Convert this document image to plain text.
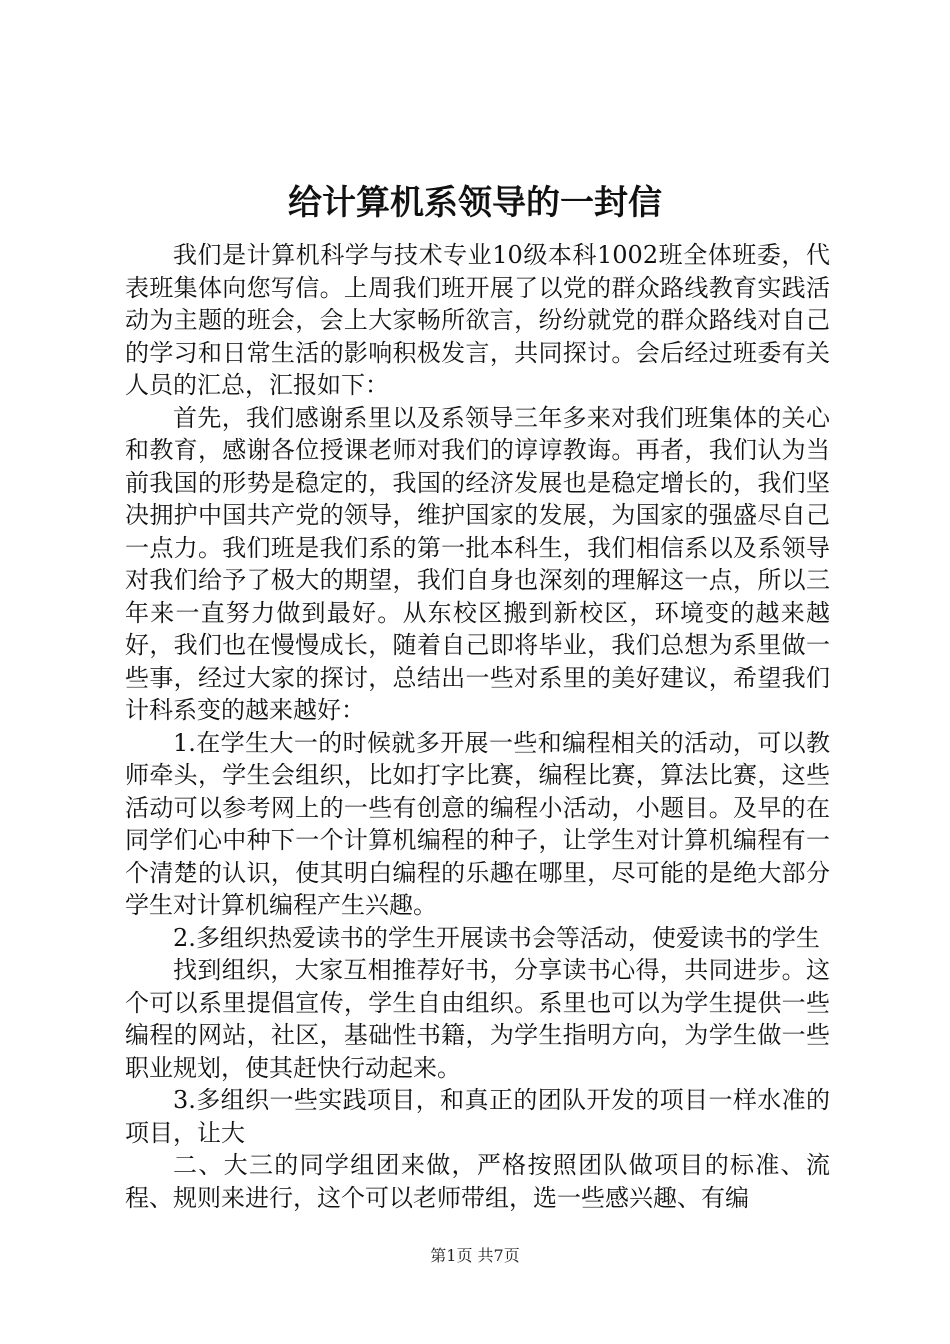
给计算机系领导的一封信

我们是计算机科学与技术专业10级本科1002班全体班委，代表班集体向您写信。上周我们班开展了以党的群众路线教育实践活动为主题的班会，会上大家畅所欲言，纷纷就党的群众路线对自己的学习和日常生活的影响积极发言，共同探讨。会后经过班委有关人员的汇总，汇报如下：

首先，我们感谢系里以及系领导三年多来对我们班集体的关心和教育，感谢各位授课老师对我们的谆谆教诲。再者，我们认为当前我国的形势是稳定的，我国的经济发展也是稳定增长的，我们坚决拥护中国共产党的领导，维护国家的发展，为国家的强盛尽自己一点力。我们班是我们系的第一批本科生，我们相信系以及系领导对我们给予了极大的期望，我们自身也深刻的理解这一点，所以三年来一直努力做到最好。从东校区搬到新校区，环境变的越来越好，我们也在慢慢成长，随着自己即将毕业，我们总想为系里做一些事，经过大家的探讨，总结出一些对系里的美好建议，希望我们计科系变的越来越好：

1.在学生大一的时候就多开展一些和编程相关的活动，可以教师牵头，学生会组织，比如打字比赛，编程比赛，算法比赛，这些活动可以参考网上的一些有创意的编程小活动，小题目。及早的在同学们心中种下一个计算机编程的种子，让学生对计算机编程有一个清楚的认识，使其明白编程的乐趣在哪里，尽可能的是绝大部分学生对计算机编程产生兴趣。

2.多组织热爱读书的学生开展读书会等活动，使爱读书的学生

找到组织，大家互相推荐好书，分享读书心得，共同进步。这个可以系里提倡宣传，学生自由组织。系里也可以为学生提供一些编程的网站，社区，基础性书籍，为学生指明方向，为学生做一些职业规划，使其赶快行动起来。

3.多组织一些实践项目，和真正的团队开发的项目一样水准的项目，让大

二、大三的同学组团来做，严格按照团队做项目的标准、流程、规则来进行，这个可以老师带组，选一些感兴趣、有编

第1页 共7页
